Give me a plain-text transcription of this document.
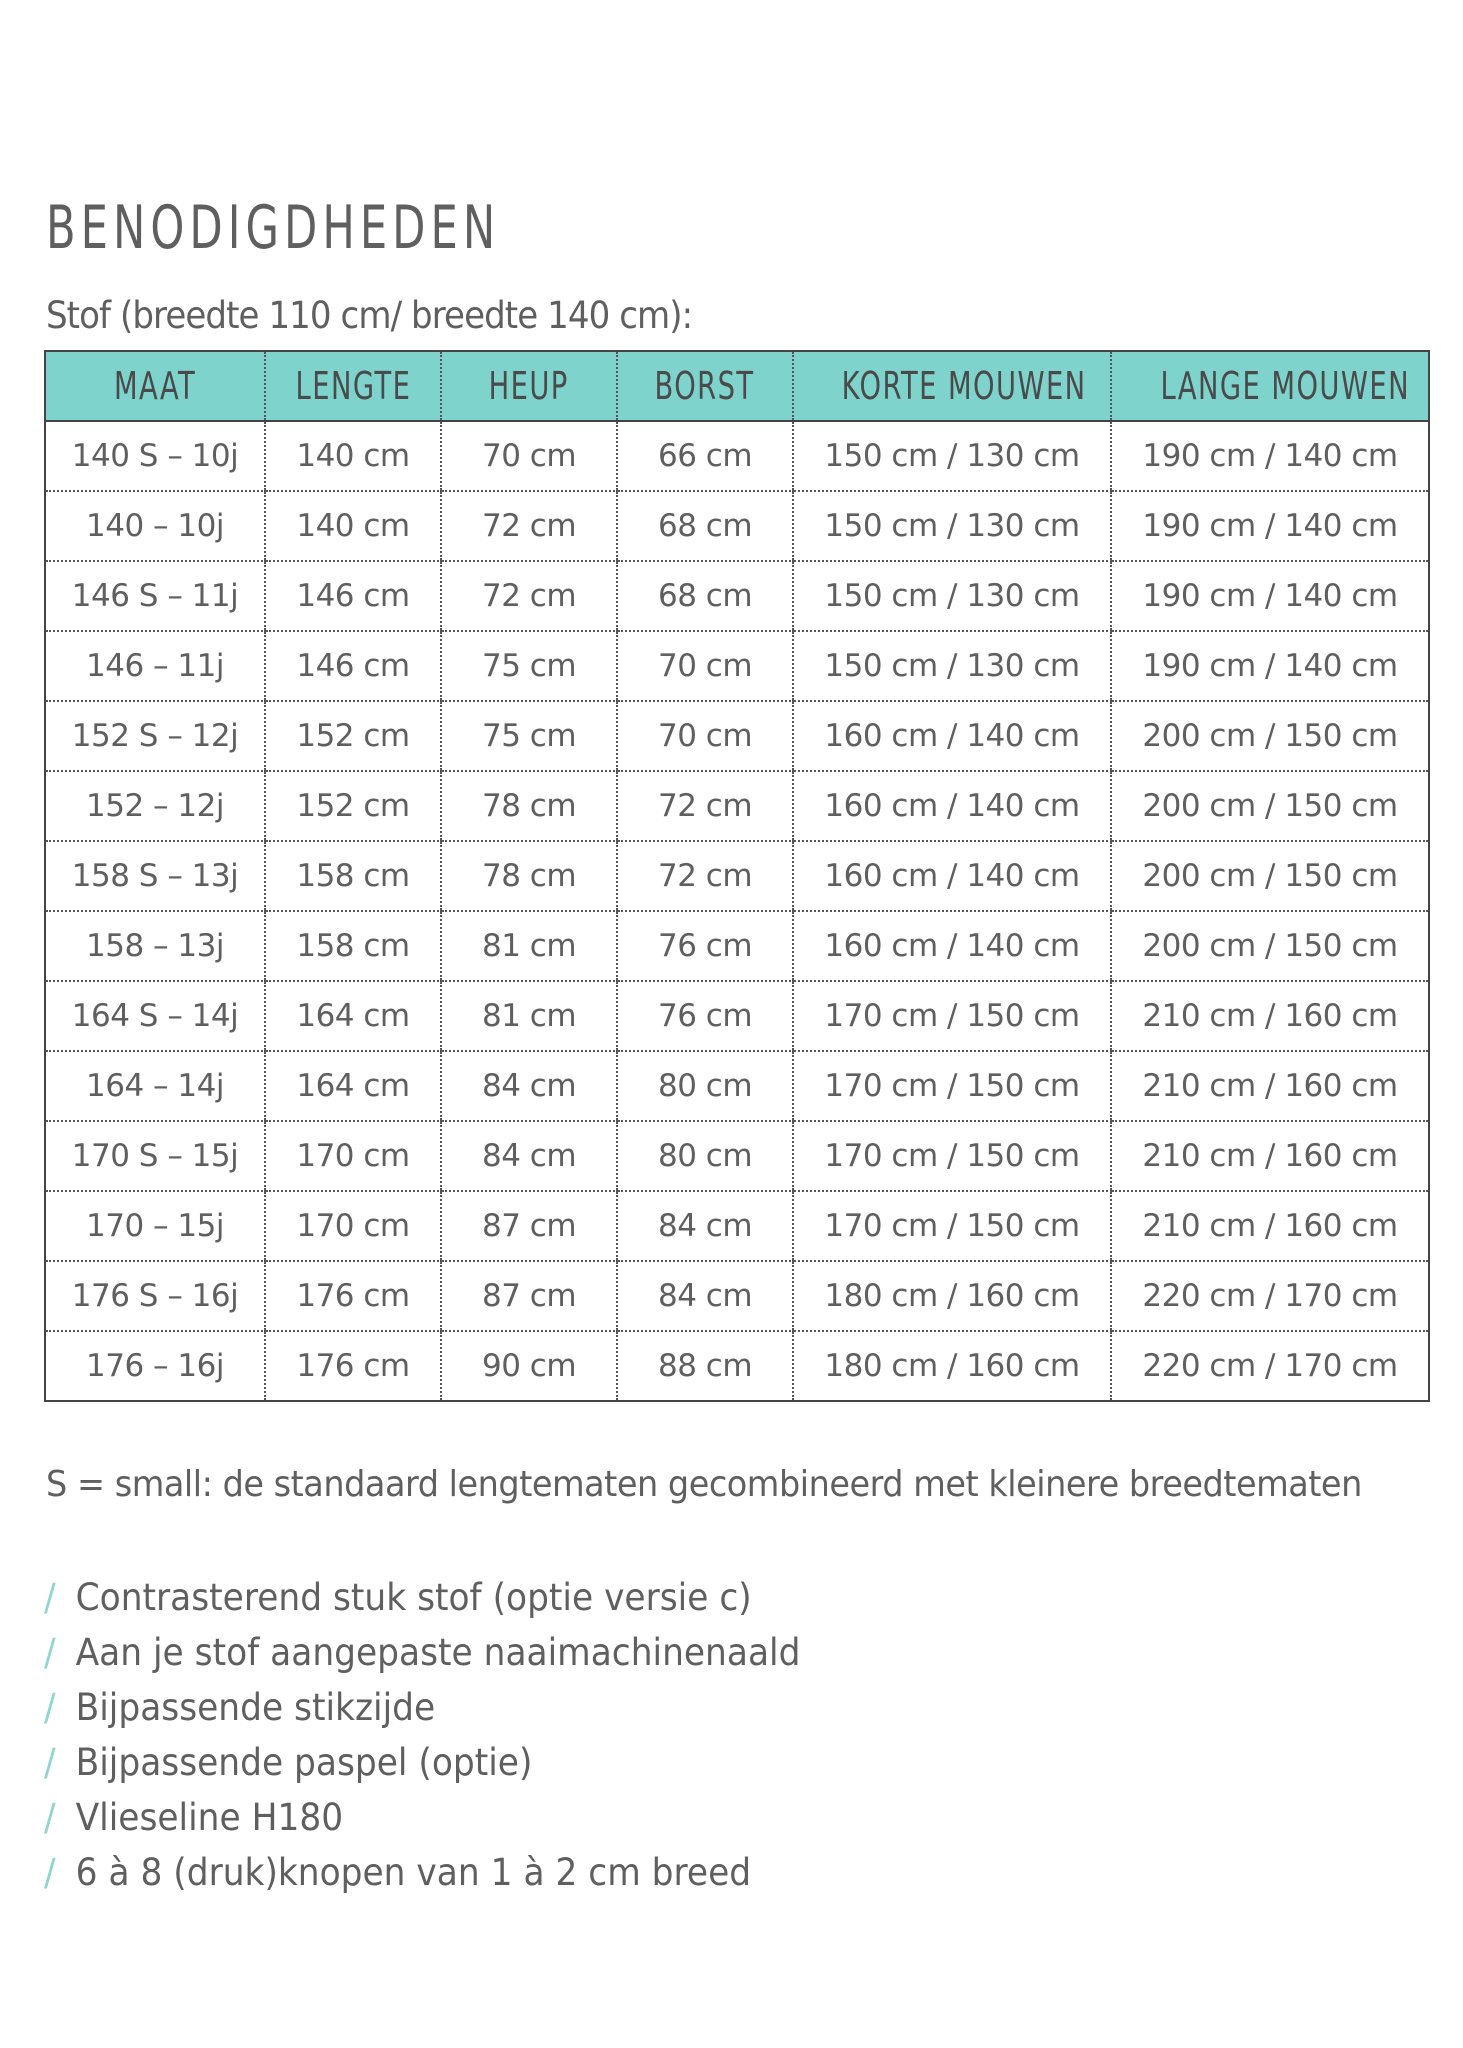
BENODIGDHEDEN
Stof (breedte 110 cm/ breedte 140 cm):
MAAT	LENGTE	HEUP	BORST	KORTE MOUWEN	LANGE MOUWEN
140 S – 10j	140 cm	70 cm	66 cm	150 cm / 130 cm	190 cm / 140 cm
140 – 10j	140 cm	72 cm	68 cm	150 cm / 130 cm	190 cm / 140 cm
146 S – 11j	146 cm	72 cm	68 cm	150 cm / 130 cm	190 cm / 140 cm
146 – 11j	146 cm	75 cm	70 cm	150 cm / 130 cm	190 cm / 140 cm
152 S – 12j	152 cm	75 cm	70 cm	160 cm / 140 cm	200 cm / 150 cm
152 – 12j	152 cm	78 cm	72 cm	160 cm / 140 cm	200 cm / 150 cm
158 S – 13j	158 cm	78 cm	72 cm	160 cm / 140 cm	200 cm / 150 cm
158 – 13j	158 cm	81 cm	76 cm	160 cm / 140 cm	200 cm / 150 cm
164 S – 14j	164 cm	81 cm	76 cm	170 cm / 150 cm	210 cm / 160 cm
164 – 14j	164 cm	84 cm	80 cm	170 cm / 150 cm	210 cm / 160 cm
170 S – 15j	170 cm	84 cm	80 cm	170 cm / 150 cm	210 cm / 160 cm
170 – 15j	170 cm	87 cm	84 cm	170 cm / 150 cm	210 cm / 160 cm
176 S – 16j	176 cm	87 cm	84 cm	180 cm / 160 cm	220 cm / 170 cm
176 – 16j	176 cm	90 cm	88 cm	180 cm / 160 cm	220 cm / 170 cm
S = small: de standaard lengtematen gecombineerd met kleinere breedtematen
/ Contrasterend stuk stof (optie versie c)
/ Aan je stof aangepaste naaimachinenaald
/ Bijpassende stikzijde
/ Bijpassende paspel (optie)
/ Vlieseline H180
/ 6 à 8 (druk)knopen van 1 à 2 cm breed
